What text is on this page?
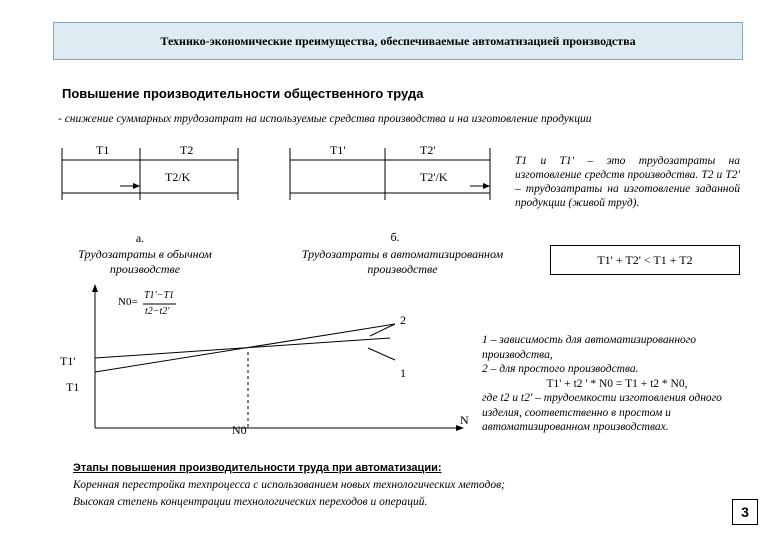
Технико-экономические преимущества, обеспечиваемые автоматизацией производства
Повышение производительности общественного труда
- снижение суммарных трудозатрат на используемые средства производства и на изготовление продукции
T1	T2
T2/K
а.
Трудозатраты в обычном
производстве
T1'	T2'
T2'/K
б.
Трудозатраты в автоматизированном
производстве
T1 и T1' – это трудозатраты на изготовление средств производства. T2 и T2' – трудозатраты на изготовление заданной продукции (живой труд).
T1' + T2' < T1 + T2
N0=
T1'−T1
t2−t2'
T1'
T1
N0
N
2
1
1 – зависимость для автоматизированного производства,
2 – для простого производства.
T1' + t2 ' * N0 = T1 + t2 * N0,
где t2 и t2' – трудоемкости изготовления одного изделия, соответственно в простом и автоматизированном производствах.
Этапы повышения производительности труда при автоматизации:
Коренная перестройка техпроцесса с использованием новых технологических методов;
Высокая степень концентрации технологических переходов и операций.
3
